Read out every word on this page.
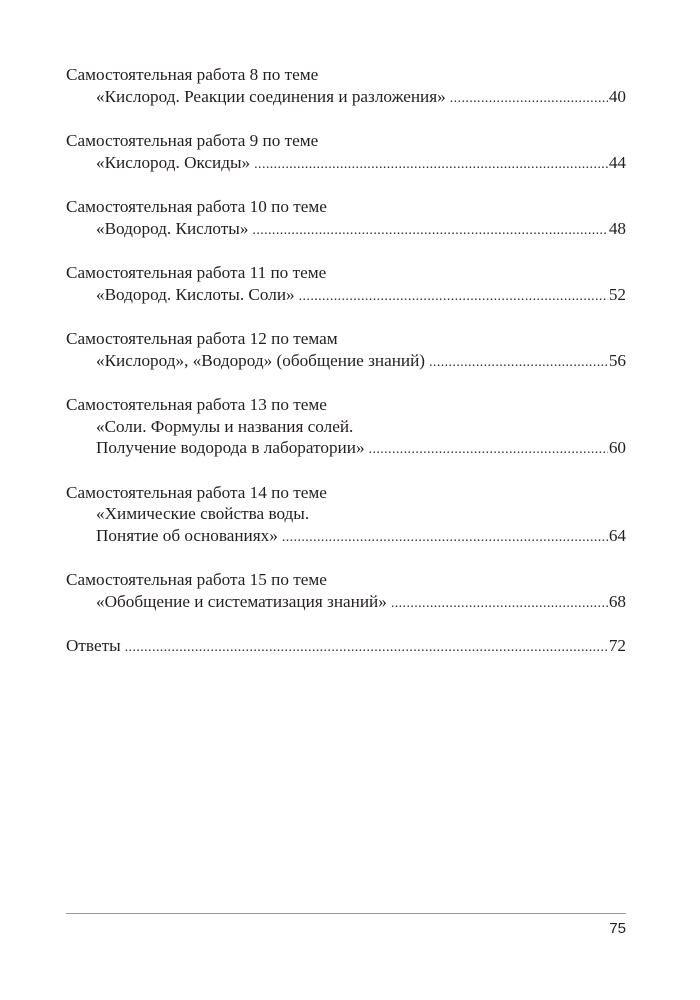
Самостоятельная работа 8 по теме
«Кислород. Реакции соединения и разложения» .....	40
Самостоятельная работа 9 по теме
«Кислород. Оксиды» .....	44
Самостоятельная работа 10 по теме
«Водород. Кислоты» .....	48
Самостоятельная работа 11 по теме
«Водород. Кислоты. Соли» .....	52
Самостоятельная работа 12 по темам
«Кислород», «Водород» (обобщение знаний) .....	56
Самостоятельная работа 13 по теме
«Соли. Формулы и названия солей.
Получение водорода в лаборатории» .....	60
Самостоятельная работа 14 по теме
«Химические свойства воды.
Понятие об основаниях» .....	64
Самостоятельная работа 15 по теме
«Обобщение и систематизация знаний» .....	68
Ответы .....	72
75
